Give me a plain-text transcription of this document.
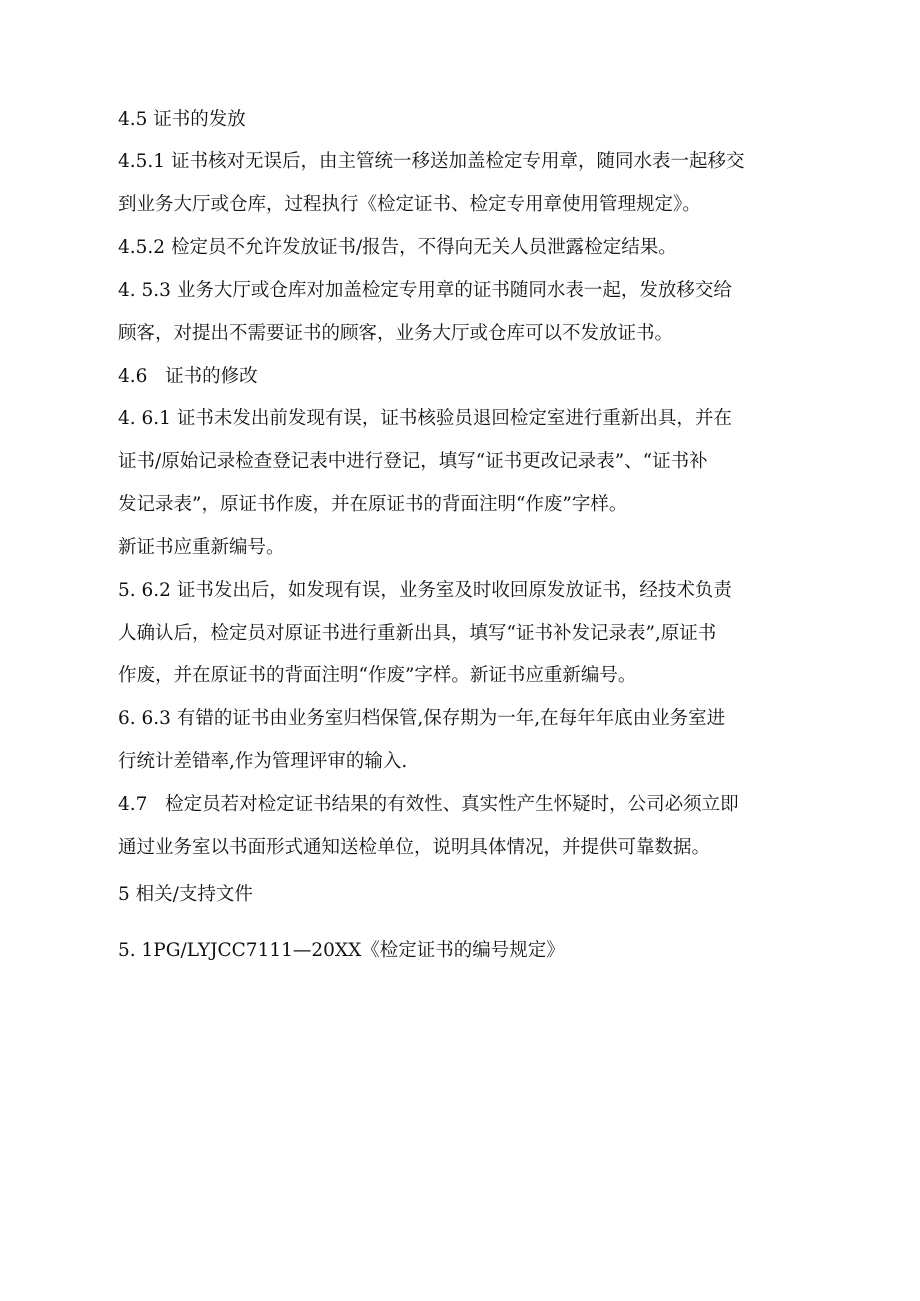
4.5 证书的发放
4.5.1 证书核对无误后，由主管统一移送加盖检定专用章，随同水表一起移交
到业务大厅或仓库，过程执行《检定证书、检定专用章使用管理规定》。
4.5.2 检定员不允许发放证书/报告，不得向无关人员泄露检定结果。
4. 5.3 业务大厅或仓库对加盖检定专用章的证书随同水表一起，发放移交给
顾客，对提出不需要证书的顾客，业务大厅或仓库可以不发放证书。
4.6   证书的修改
4. 6.1 证书未发出前发现有误，证书核验员退回检定室进行重新出具，并在
证书/原始记录检查登记表中进行登记，填写“证书更改记录表”、“证书补
发记录表”，原证书作废，并在原证书的背面注明“作废”字样。
新证书应重新编号。
5. 6.2 证书发出后，如发现有误，业务室及时收回原发放证书，经技术负责
人确认后，检定员对原证书进行重新出具，填写“证书补发记录表”,原证书
作废，并在原证书的背面注明“作废”字样。新证书应重新编号。
6. 6.3 有错的证书由业务室归档保管,保存期为一年,在每年年底由业务室进
行统计差错率,作为管理评审的输入.
4.7   检定员若对检定证书结果的有效性、真实性产生怀疑时，公司必须立即
通过业务室以书面形式通知送检单位，说明具体情况，并提供可靠数据。
5 相关/支持文件
5. 1PG/LYJCC7111—20XX《检定证书的编号规定》
